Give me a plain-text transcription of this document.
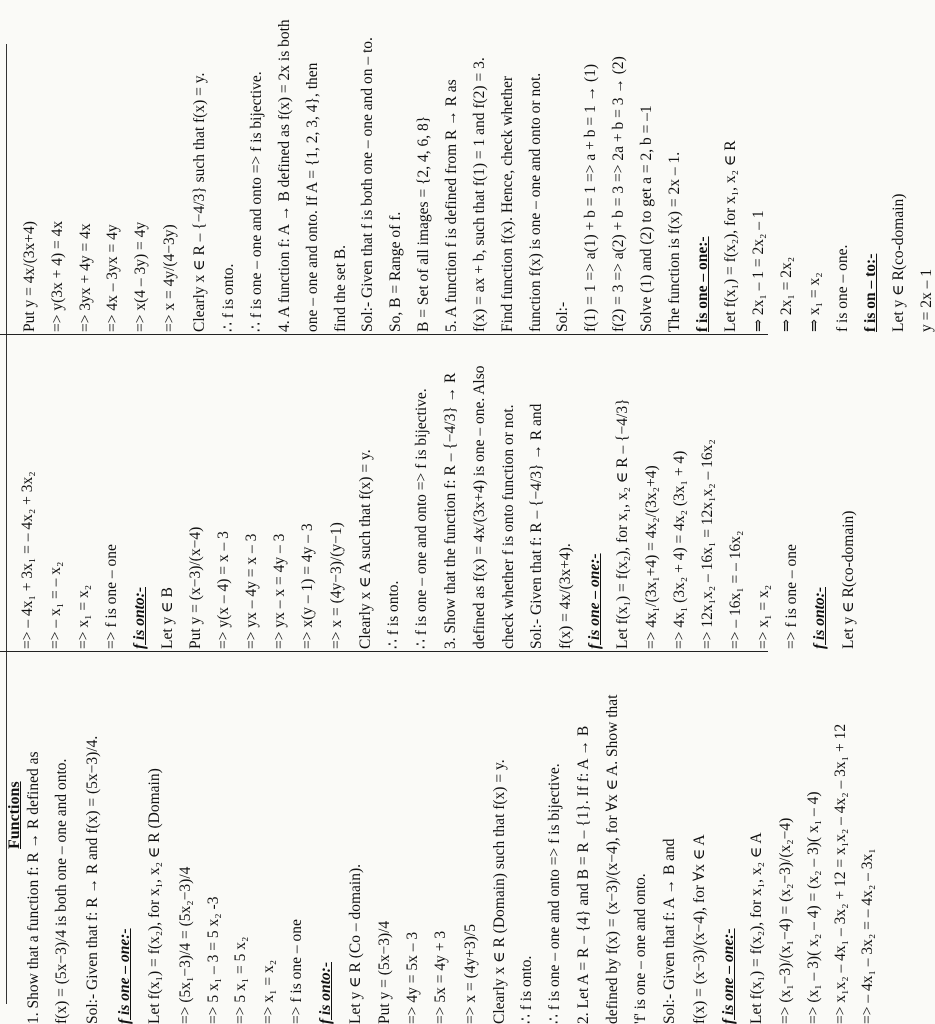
Functions 1. Show that a function f: R → R defined as f(x) = (5x−3)/4 is both one – one and onto. Sol:- Given that f: R → R and f(x) = (5x−3)/4. f is one – one:- Let f(x₁) = f(x₂), for x₁, x₂ ∈ R (Domain) => (5x₁−3)/4 = (5x₂−3)/4 => 5 x₁ – 3 = 5 x₂ -3 => 5 x₁ = 5 x₂ => x₁ = x₂ => f is one – one f is onto:- Let y ∈ R (Co – domain). Put y = (5x−3)/4 => 4y = 5x – 3 => 5x = 4y + 3 => x = (4y+3)/5 Clearly x ∈ R (Domain) such that f(x) = y. ∴ f is onto. ∴ f is one – one and onto => f is bijective. 2. Let A = R – {4} and B = R – {1}. If f: A → B defined by f(x) = (x−3)/(x−4), for ∀x ∈ A. Show that 'f' is one – one and onto. Sol:- Given that f: A → B and f(x) = (x−3)/(x−4), for ∀x ∈ A f is one – one:- Let f(x₁) = f(x₂), for x₁, x₂ ∈ A => (x₁−3)/(x₁−4) = (x₂−3)/(x₂−4) => (x₁ – 3)( x₂ – 4) = (x₂ – 3)( x₁ – 4) => x₁x₂ – 4x₁ – 3x₂ + 12 = x₁x₂ – 4x₂ – 3x₁ + 12 => – 4x₁ – 3x₂ = – 4x₂ – 3x₁
=> – 4x₁ + 3x₁ = – 4x₂ + 3x₂ => – x₁ = – x₂ => x₁ = x₂ => f is one – one f is onto:- Let y ∈ B Put y = (x−3)/(x−4) => y(x – 4) = x – 3 => yx – 4y = x – 3 => yx – x = 4y – 3 => x(y – 1) = 4y – 3 => x = (4y−3)/(y−1) Clearly x ∈ A such that f(x) = y. ∴ f is onto. ∴ f is one – one and onto => f is bijective. 3. Show that the function f: R – {−4/3} → R defined as f(x) = 4x/(3x+4) is one – one. Also check whether f is onto function or not. Sol:- Given that f: R – {−4/3} → R and f(x) = 4x/(3x+4). f is one – one:- Let f(x₁) = f(x₂), for x₁, x₂ ∈ R – {−4/3} => 4x₁/(3x₁+4) = 4x₂/(3x₂+4) => 4x₁ (3x₂ + 4) = 4x₂ (3x₁ + 4) => 12x₁x₂ – 16x₁ = 12x₁x₂ – 16x₂ => – 16x₁ = – 16x₂ => x₁ = x₂ => f is one – one f is onto:- Let y ∈ R(co-domain)
Put y = 4x/(3x+4) => y(3x + 4) = 4x => 3yx + 4y = 4x => 4x – 3yx = 4y => x(4 – 3y) = 4y => x = 4y/(4−3y) Clearly x ∈ R – {−4/3} such that f(x) = y. ∴ f is onto. ∴ f is one – one and onto => f is bijective. 4. A function f: A → B defined as f(x) = 2x is both one – one and onto. If A = {1, 2, 3, 4}, then find the set B. Sol:- Given that f is both one – one and on – to. So, B = Range of f. B = Set of all images = {2, 4, 6, 8} 5. A function f is defined from R → R as f(x) = ax + b, such that f(1) = 1 and f(2) = 3. Find function f(x). Hence, check whether function f(x) is one – one and onto or not. Sol:- f(1) = 1 => a(1) + b = 1 => a + b = 1 → (1) f(2) = 3 => a(2) + b = 3 => 2a + b = 3 → (2) Solve (1) and (2) to get a = 2, b = –1 The function is f(x) = 2x – 1. f is one – one:- Let f(x₁) = f(x₂), for x₁, x₂ ∈ R ⇒ 2x₁ – 1 = 2x₂ – 1 ⇒ 2x₁ = 2x₂ ⇒ x₁ = x₂ f is one – one. f is on – to:- Let y ∈ R(co-domain) y = 2x – 1
